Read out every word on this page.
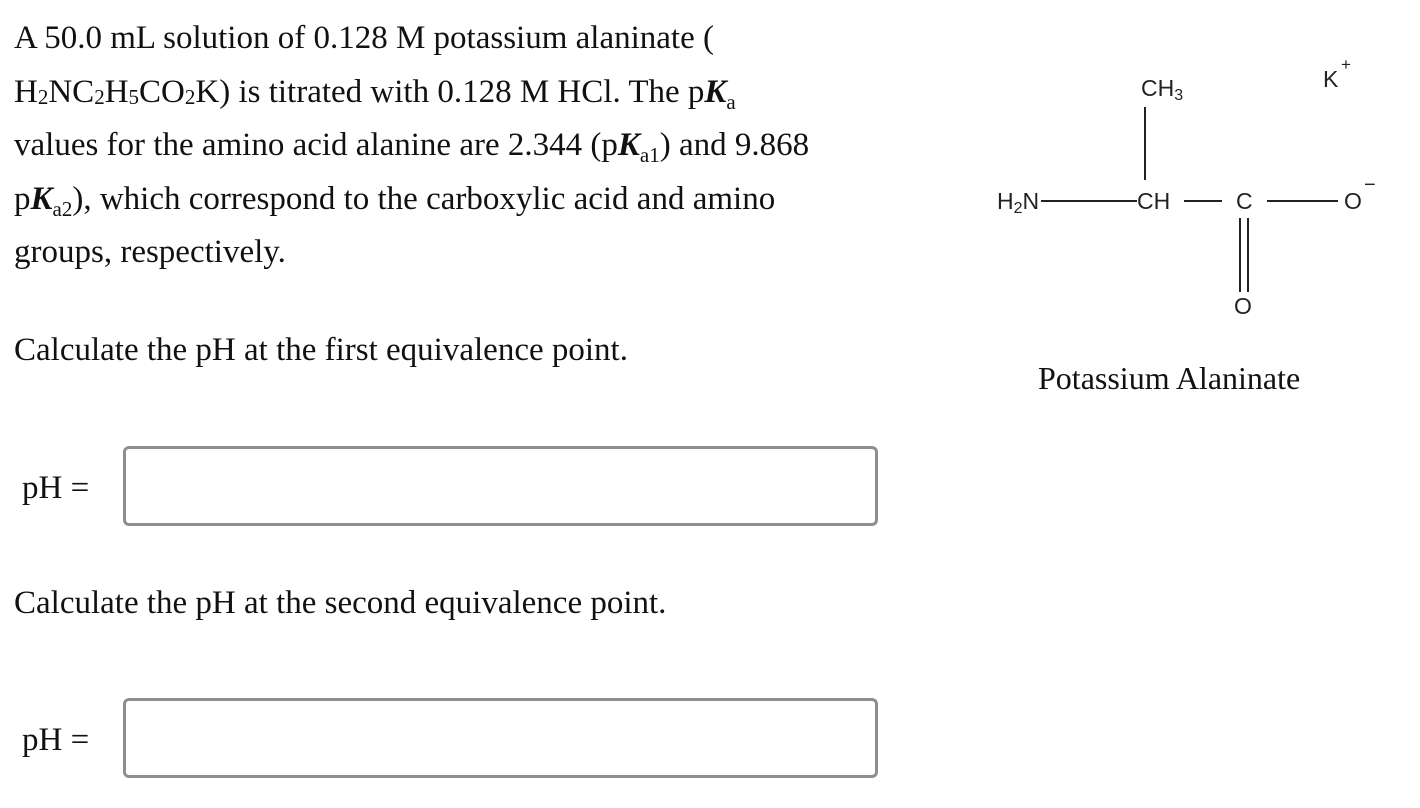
A 50.0 mL solution of 0.128 M potassium alaninate (
$H_2NC_2H_5CO_2K$) is titrated with 0.128 M HCl. The $pK_a$
values for the amino acid alanine are 2.344 $(pK_{a1})$ and 9.868
$pK_{a2}$), which correspond to the carboxylic acid and amino
groups, respectively.
Calculate the pH at the first equivalence point.
pH =
Calculate the pH at the second equivalence point.
pH =
CH3
H2N	CH	C	O
−
O
K
+
Potassium Alaninate
